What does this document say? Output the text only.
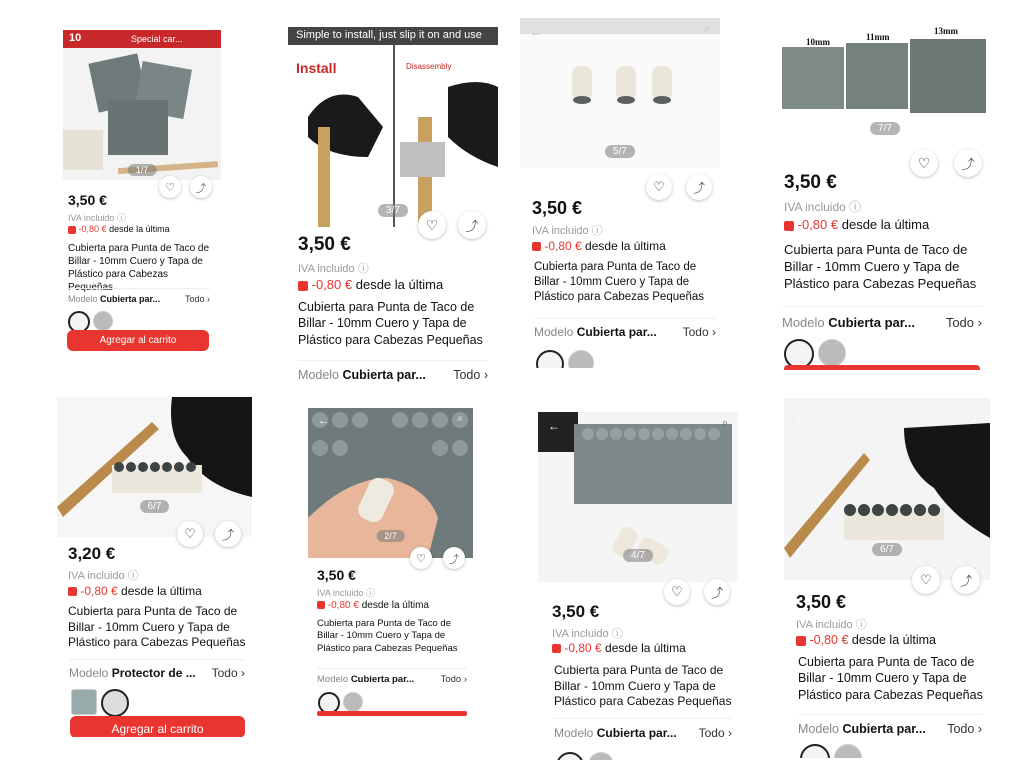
10	Special car...
←	⌕
1/7
♡	⤴
3,50 €
IVA incluido ⓘ
-0,80 € desde la última
Cubierta para Punta de Taco de Billar - 10mm Cuero y Tapa de Plástico para Cabezas Pequeñas
Modelo Cubierta par...	Todo ›
Agregar al carrito
Simple to install, just slip it on and use
Install	Disassembly
⌕
3/7
♡	⤴
3,50 €
IVA incluido ⓘ
-0,80 € desde la última
Cubierta para Punta de Taco de Billar - 10mm Cuero y Tapa de Plástico para Cabezas Pequeñas
Modelo Cubierta par... Todo ›
←	⌕
5/7
♡	⤴
3,50 €
IVA incluido ⓘ
-0,80 € desde la última
Cubierta para Punta de Taco de Billar - 10mm Cuero y Tapa de Plástico para Cabezas Pequeñas
Modelo Cubierta par... Todo ›
10mm	11mm
13mm
7/7
♡	⤴
3,50 €
IVA incluido ⓘ
-0,80 € desde la última
Cubierta para Punta de Taco de Billar - 10mm Cuero y Tapa de Plástico para Cabezas Pequeñas
Modelo Cubierta par... Todo ›
6/7
♡	⤴
3,20 €
IVA incluido ⓘ
-0,80 € desde la última
Cubierta para Punta de Taco de Billar - 10mm Cuero y Tapa de Plástico para Cabezas Pequeñas
Modelo Protector de ... Todo ›
Agregar al carrito
←	⌕
2/7
♡	⤴
3,50 €
IVA incluido ⓘ
-0,80 € desde la última
Cubierta para Punta de Taco de Billar - 10mm Cuero y Tapa de Plástico para Cabezas Pequeñas
Modelo Cubierta par...	Todo ›
←	⌕
4/7
♡	⤴
3,50 €
IVA incluido ⓘ
-0,80 € desde la última
Cubierta para Punta de Taco de Billar - 10mm Cuero y Tapa de Plástico para Cabezas Pequeñas
Modelo Cubierta par... Todo ›
←	⌕
6/7
♡	⤴
3,50 €
IVA incluido ⓘ
-0,80 € desde la última
Cubierta para Punta de Taco de Billar - 10mm Cuero y Tapa de Plástico para Cabezas Pequeñas
Modelo Cubierta par... Todo ›
